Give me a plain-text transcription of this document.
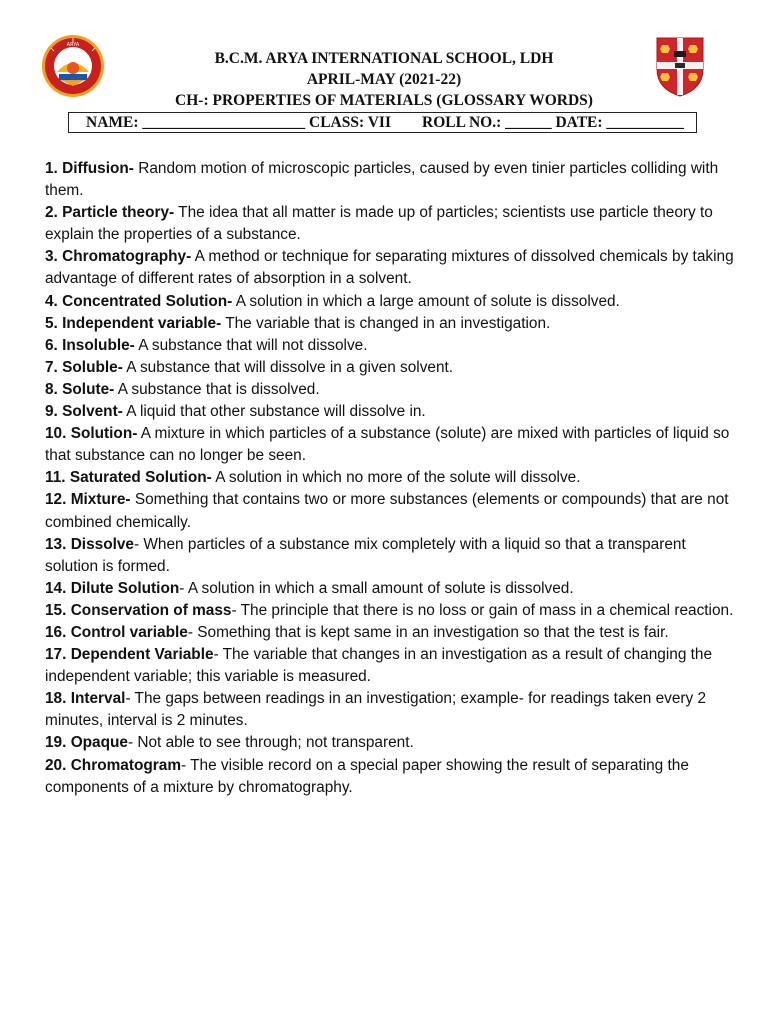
ARYA
B.C.M. ARYA INTERNATIONAL SCHOOL, LDH
APRIL-MAY (2021-22)
CH-: PROPERTIES OF MATERIALS (GLOSSARY WORDS)
NAME: _____________________ CLASS: VII        ROLL NO.: ______ DATE: __________
1. Diffusion- Random motion of microscopic particles, caused by even tinier particles colliding with them.
2. Particle theory- The idea that all matter is made up of particles; scientists use particle theory to explain the properties of a substance.
3. Chromatography- A method or technique for separating mixtures of dissolved chemicals by taking advantage of different rates of absorption in a solvent.
4. Concentrated Solution- A solution in which a large amount of solute is dissolved.
5. Independent variable- The variable that is changed in an investigation.
6. Insoluble- A substance that will not dissolve.
7. Soluble- A substance that will dissolve in a given solvent.
8. Solute- A substance that is dissolved.
9. Solvent- A liquid that other substance will dissolve in.
10. Solution- A mixture in which particles of a substance (solute) are mixed with particles of liquid so that substance can no longer be seen.
11. Saturated Solution- A solution in which no more of the solute will dissolve.
12. Mixture- Something that contains two or more substances (elements or compounds) that are not combined chemically.
13. Dissolve- When particles of a substance mix completely with a liquid so that a transparent solution is formed.
14. Dilute Solution- A solution in which a small amount of solute is dissolved.
15. Conservation of mass- The principle that there is no loss or gain of mass in a chemical reaction.
16. Control variable- Something that is kept same in an investigation so that the test is fair.
17. Dependent Variable- The variable that changes in an investigation as a result of changing the independent variable; this variable is measured.
18. Interval- The gaps between readings in an investigation; example- for readings taken every 2 minutes, interval is 2 minutes.
19. Opaque- Not able to see through; not transparent.
20. Chromatogram- The visible record on a special paper showing the result of separating the components of a mixture by chromatography.
